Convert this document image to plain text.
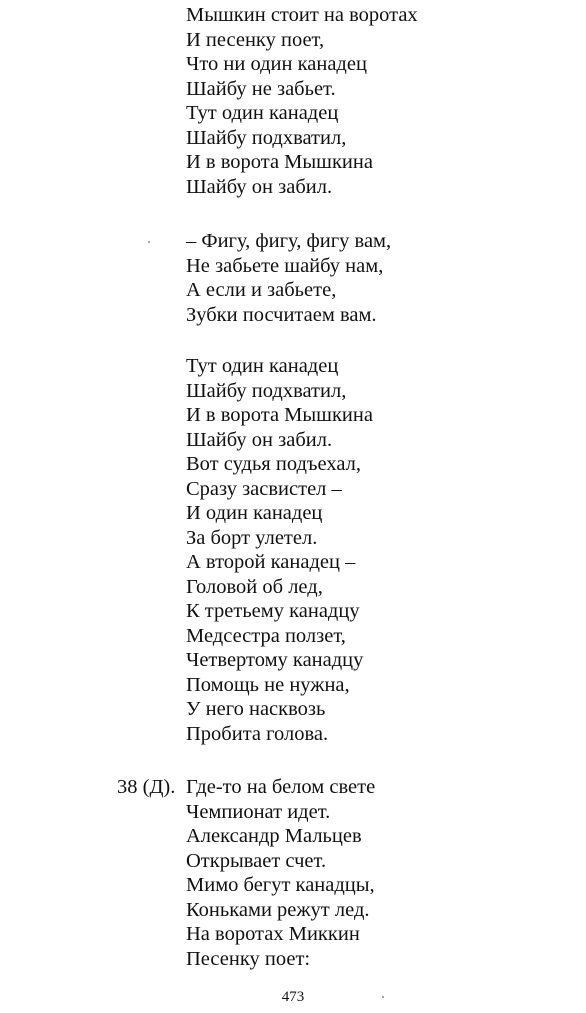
Мышкин стоит на воротах
И песенку поет,
Что ни один канадец
Шайбу не забьет.
Тут один канадец
Шайбу подхватил,
И в ворота Мышкина
Шайбу он забил.
– Фигу, фигу, фигу вам,
Не забьете шайбу нам,
А если и забьете,
Зубки посчитаем вам.
Тут один канадец
Шайбу подхватил,
И в ворота Мышкина
Шайбу он забил.
Вот судья подъехал,
Сразу засвистел –
И один канадец
За борт улетел.
А второй канадец –
Головой об лед,
К третьему канадцу
Медсестра ползет,
Четвертому канадцу
Помощь не нужна,
У него насквозь
Пробита голова.
38 (Д). Где-то на белом свете
Чемпионат идет.
Александр Мальцев
Открывает счет.
Мимо бегут канадцы,
Коньками режут лед.
На воротах Миккин
Песенку поет:
473
